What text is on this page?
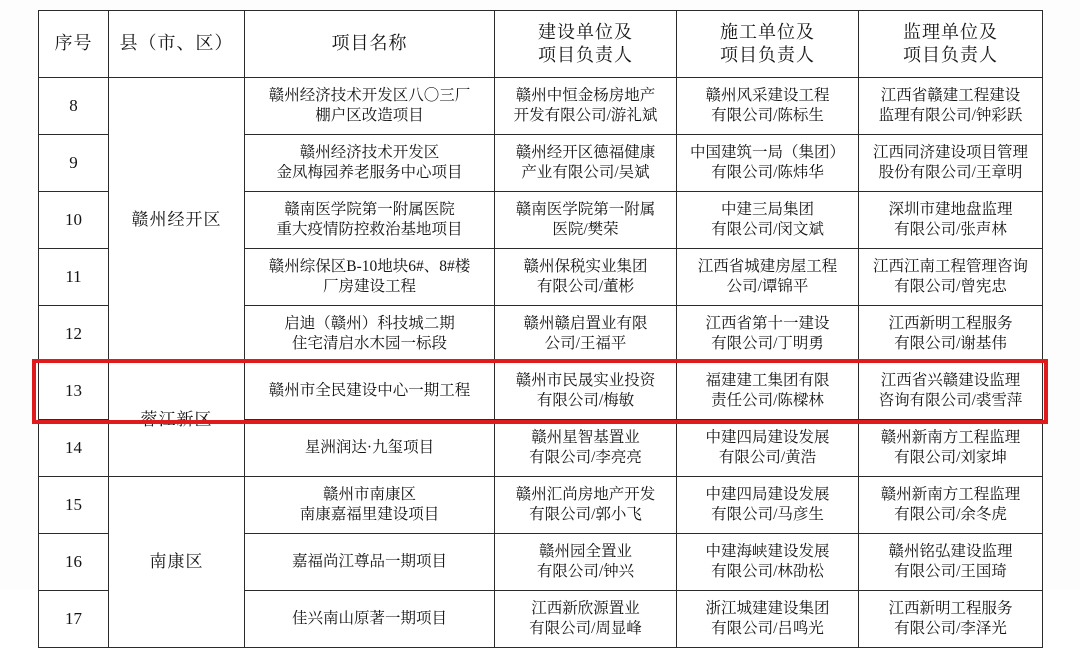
序号	县（市、区）	项目名称	建设单位及
项目负责人	施工单位及
项目负责人	监理单位及
项目负责人

8	赣州经开区	赣州经济技术开发区八〇三厂
棚户区改造项目	赣州中恒金杨房地产
开发有限公司/游礼斌	赣州风采建设工程
有限公司/陈标生	江西省赣建工程建设
监理有限公司/钟彩跃

9		赣州经济技术开发区
金凤梅园养老服务中心项目	赣州经开区德福健康
产业有限公司/吴斌	中国建筑一局（集团）
有限公司/陈炜华	江西同济建设项目管理
股份有限公司/王章明

10		赣南医学院第一附属医院
重大疫情防控救治基地项目	赣南医学院第一附属
医院/樊荣	中建三局集团
有限公司/闵文斌	深圳市建地盘监理
有限公司/张声林

11		赣州综保区B-10地块6#、8#楼
厂房建设工程	赣州保税实业集团
有限公司/董彬	江西省城建房屋工程
公司/谭锦平	江西江南工程管理咨询
有限公司/曾宪忠

12		启迪（赣州）科技城二期
住宅清启水木园一标段	赣州赣启置业有限
公司/王福平	江西省第十一建设
有限公司/丁明勇	江西新明工程服务
有限公司/谢基伟

13	蓉江新区	赣州市全民建设中心一期工程	赣州市民晟实业投资
有限公司/梅敏	福建建工集团有限
责任公司/陈樑林	江西省兴赣建设监理
咨询有限公司/裘雪萍

14		星洲润达·九玺项目	赣州星智基置业
有限公司/李亮亮	中建四局建设发展
有限公司/黄浩	赣州新南方工程监理
有限公司/刘家坤

15	南康区	赣州市南康区
南康嘉福里建设项目	赣州汇尚房地产开发
有限公司/郭小飞	中建四局建设发展
有限公司/马彦生	赣州新南方工程监理
有限公司/余冬虎

16		嘉福尚江尊品一期项目	赣州园全置业
有限公司/钟兴	中建海峡建设发展
有限公司/林劭松	赣州铭弘建设监理
有限公司/王国琦

17		佳兴南山原著一期项目	江西新欣源置业
有限公司/周显峰	浙江城建建设集团
有限公司/吕鸣光	江西新明工程服务
有限公司/李泽光
